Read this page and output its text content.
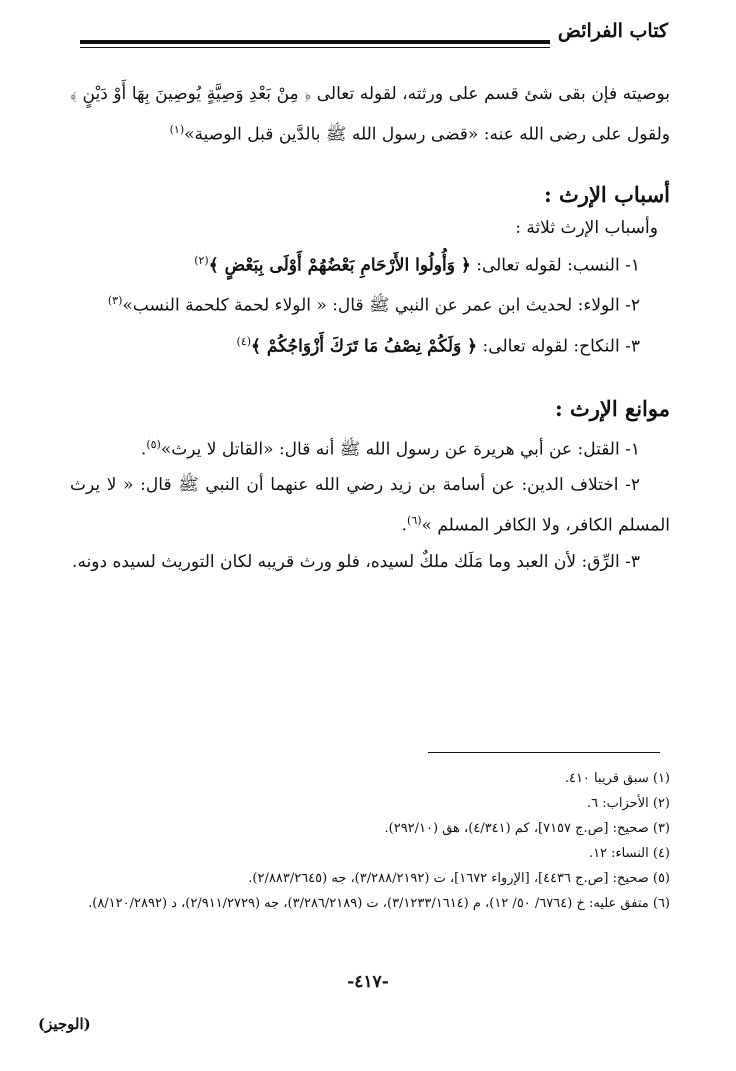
كتاب الفرائض

بوصيته فإن بقى شئ قسم على ورثته، لقوله تعالى ﴿ مِنْ بَعْدِ وَصِيَّةٍ يُوصِينَ بِهَا أَوْ دَيْنٍ ﴾ ولقول على رضى الله عنه: «قضى رسول الله ﷺ بالدَّين قبل الوصية»$^{(١)}$

أسباب الإرث :

وأسباب الإرث ثلاثة :

١- النسب: لقوله تعالى: ﴿ وَأُولُوا الأَرْحَامِ بَعْضُهُمْ أَوْلَى بِبَعْضٍ ﴾$^{(٢)}$

٢- الولاء: لحديث ابن عمر عن النبي ﷺ قال: « الولاء لحمة كلحمة النسب»$^{(٣)}$

٣- النكاح: لقوله تعالى: ﴿ وَلَكُمْ نِصْفُ مَا تَرَكَ أَزْوَاجُكُمْ ﴾$^{(٤)}$

موانع الإرث :

١- القتل: عن أبي هريرة عن رسول الله ﷺ أنه قال: «القاتل لا يرث»$^{(٥)}$.

٢- اختلاف الدين: عن أسامة بن زيد رضي الله عنهما أن النبي ﷺ قال: « لا يرث المسلم الكافر، ولا الكافر المسلم »$^{(٦)}$.

٣- الرِّق: لأن العبد وما مَلَك ملكٌ لسيده، فلو ورث قريبه لكان التوريث لسيده دونه.

(١) سبق قريبا ٤١٠.

(٢) الأحزاب: ٦.

(٣) صحيح: [ص.ج ٧١٥٧]، كم (٤/٣٤١)، هق (٢٩٢/١٠).

(٤) النساء: ١٢.

(٥) صحيح: [ص.ج ٤٤٣٦]، [الإرواء ١٦٧٢]، ت (٣/٢٨٨/٢١٩٢)، جه (٢/٨٨٣/٢٦٤٥).

(٦) متفق عليه: خ (٦٧٦٤/ ٥٠/ ١٢)، م (٣/١٢٣٣/١٦١٤)، ت (٣/٢٨٦/٢١٨٩)، جه (٢/٩١١/٢٧٢٩)، د (٨/١٢٠/٢٨٩٢).

-٤١٧-
(الوجيز)
